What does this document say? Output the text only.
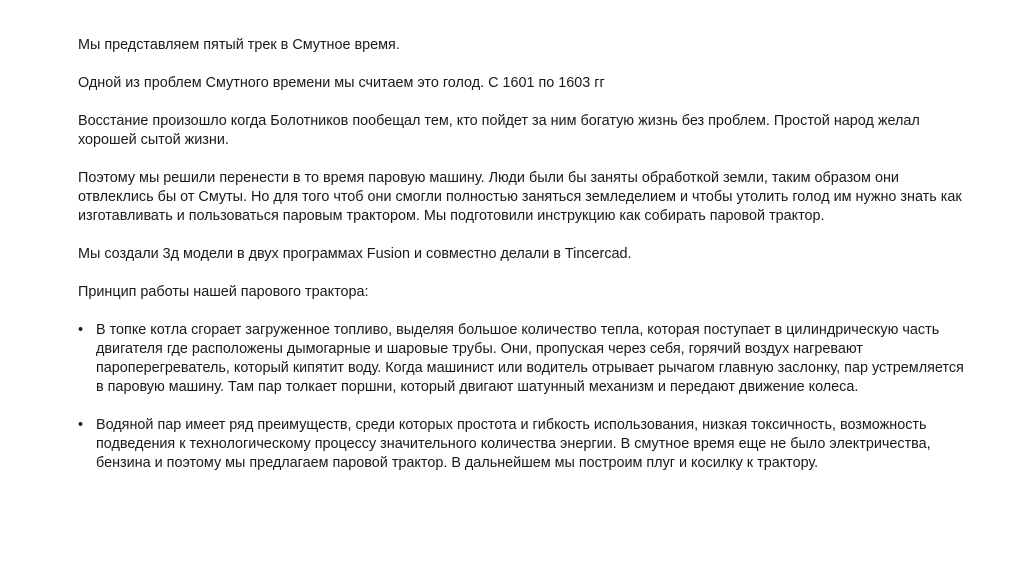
Мы представляем пятый трек в Смутное время.

Одной из проблем Смутного времени мы считаем это голод. С 1601 по 1603 гг

Восстание произошло когда Болотников пообещал тем, кто пойдет за ним богатую жизнь без проблем. Простой народ желал хорошей сытой жизни.

Поэтому мы решили перенести в то время паровую машину. Люди были бы заняты обработкой земли, таким образом они отвлеклись бы от Смуты. Но для того чтоб они смогли полностью заняться земледелием и чтобы утолить голод им нужно знать как изготавливать и пользоваться паровым трактором. Мы подготовили инструкцию как собирать паровой трактор.

Мы создали 3д модели в двух программах Fusion и совместно делали в Tincercad.

Принцип работы нашей парового трактора:

• В топке котла сгорает загруженное топливо, выделяя большое количество тепла, которая поступает в цилиндрическую часть двигателя где расположены дымогарные и шаровые трубы. Они, пропуская через себя, горячий воздух нагревают пароперегреватель, который кипятит воду. Когда машинист или водитель отрывает рычагом главную заслонку, пар устремляется в паровую машину. Там пар толкает поршни, который двигают шатунный механизм и передают движение колеса.
• Водяной пар имеет ряд преимуществ, среди которых простота и гибкость использования, низкая токсичность, возможность подведения к технологическому процессу значительного количества энергии. В смутное время еще не было электричества, бензина и поэтому мы предлагаем паровой трактор. В дальнейшем мы построим плуг и косилку к трактору.
